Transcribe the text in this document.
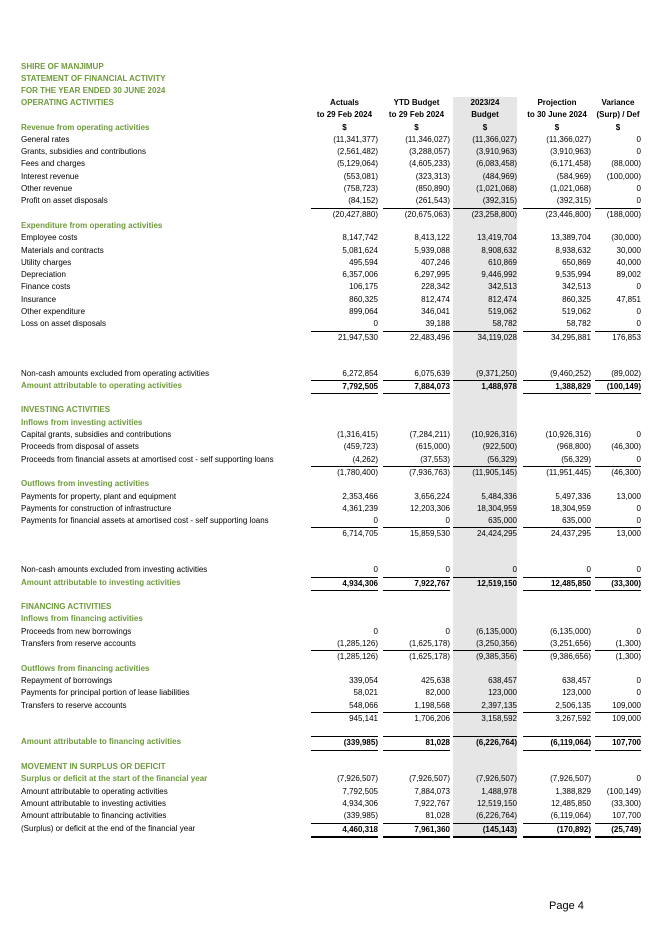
SHIRE OF MANJIMUP
STATEMENT OF FINANCIAL ACTIVITY
FOR THE YEAR ENDED 30 JUNE 2024
OPERATING ACTIVITIES	Actuals	YTD Budget	2023/24	Projection	Variance
to 29 Feb 2024	to 29 Feb 2024	Budget	to 30 June 2024	(Surp) / Def
Revenue from operating activities	$	$	$	$	$
General rates	(11,341,377)	(11,346,027)	(11,366,027)	(11,366,027)	0
Grants, subsidies and contributions	(2,561,482)	(3,288,057)	(3,910,963)	(3,910,963)	0
Fees and charges	(5,129,064)	(4,605,233)	(6,083,458)	(6,171,458)	(88,000)
Interest revenue	(553,081)	(323,313)	(484,969)	(584,969)	(100,000)
Other revenue	(758,723)	(850,890)	(1,021,068)	(1,021,068)	0
Profit on asset disposals	(84,152)	(261,543)	(392,315)	(392,315)	0
(20,427,880)	(20,675,063)	(23,258,800)	(23,446,800)	(188,000)
Expenditure from operating activities
Employee costs	8,147,742	8,413,122	13,419,704	13,389,704	(30,000)
Materials and contracts	5,081,624	5,939,088	8,908,632	8,938,632	30,000
Utility charges	495,594	407,246	610,869	650,869	40,000
Depreciation	6,357,006	6,297,995	9,446,992	9,535,994	89,002
Finance costs	106,175	228,342	342,513	342,513	0
Insurance	860,325	812,474	812,474	860,325	47,851
Other expenditure	899,064	346,041	519,062	519,062	0
Loss on asset disposals	0	39,188	58,782	58,782	0
21,947,530	22,483,496	34,119,028	34,295,881	176,853
Non-cash amounts excluded from operating activities	6,272,854	6,075,639	(9,371,250)	(9,460,252)	(89,002)
Amount attributable to operating activities	7,792,505	7,884,073	1,488,978	1,388,829	(100,149)
INVESTING ACTIVITIES
Inflows from investing activities
Capital grants, subsidies and contributions	(1,316,415)	(7,284,211)	(10,926,316)	(10,926,316)	0
Proceeds from disposal of assets	(459,723)	(615,000)	(922,500)	(968,800)	(46,300)
Proceeds from financial assets at amortised cost - self supporting loans	(4,262)	(37,553)	(56,329)	(56,329)	0
(1,780,400)	(7,936,763)	(11,905,145)	(11,951,445)	(46,300)
Outflows from investing activities
Payments for property, plant and equipment	2,353,466	3,656,224	5,484,336	5,497,336	13,000
Payments for construction of infrastructure	4,361,239	12,203,306	18,304,959	18,304,959	0
Payments for financial assets at amortised cost - self supporting loans	0	0	635,000	635,000	0
6,714,705	15,859,530	24,424,295	24,437,295	13,000
Non-cash amounts excluded from investing activities	0	0	0	0	0
Amount attributable to investing activities	4,934,306	7,922,767	12,519,150	12,485,850	(33,300)
FINANCING ACTIVITIES
Inflows from financing activities
Proceeds from new borrowings	0	0	(6,135,000)	(6,135,000)	0
Transfers from reserve accounts	(1,285,126)	(1,625,178)	(3,250,356)	(3,251,656)	(1,300)
(1,285,126)	(1,625,178)	(9,385,356)	(9,386,656)	(1,300)
Outflows from financing activities
Repayment of borrowings	339,054	425,638	638,457	638,457	0
Payments for principal portion of lease liabilities	58,021	82,000	123,000	123,000	0
Transfers to reserve accounts	548,066	1,198,568	2,397,135	2,506,135	109,000
945,141	1,706,206	3,158,592	3,267,592	109,000
Amount attributable to financing activities	(339,985)	81,028	(6,226,764)	(6,119,064)	107,700
MOVEMENT IN SURPLUS OR DEFICIT
Surplus or deficit at the start of the financial year	(7,926,507)	(7,926,507)	(7,926,507)	(7,926,507)	0
Amount attributable to operating activities	7,792,505	7,884,073	1,488,978	1,388,829	(100,149)
Amount attributable to investing activities	4,934,306	7,922,767	12,519,150	12,485,850	(33,300)
Amount attributable to financing activities	(339,985)	81,028	(6,226,764)	(6,119,064)	107,700
(Surplus) or deficit at the end of the financial year	4,460,318	7,961,360	(145,143)	(170,892)	(25,749)
Page 4
